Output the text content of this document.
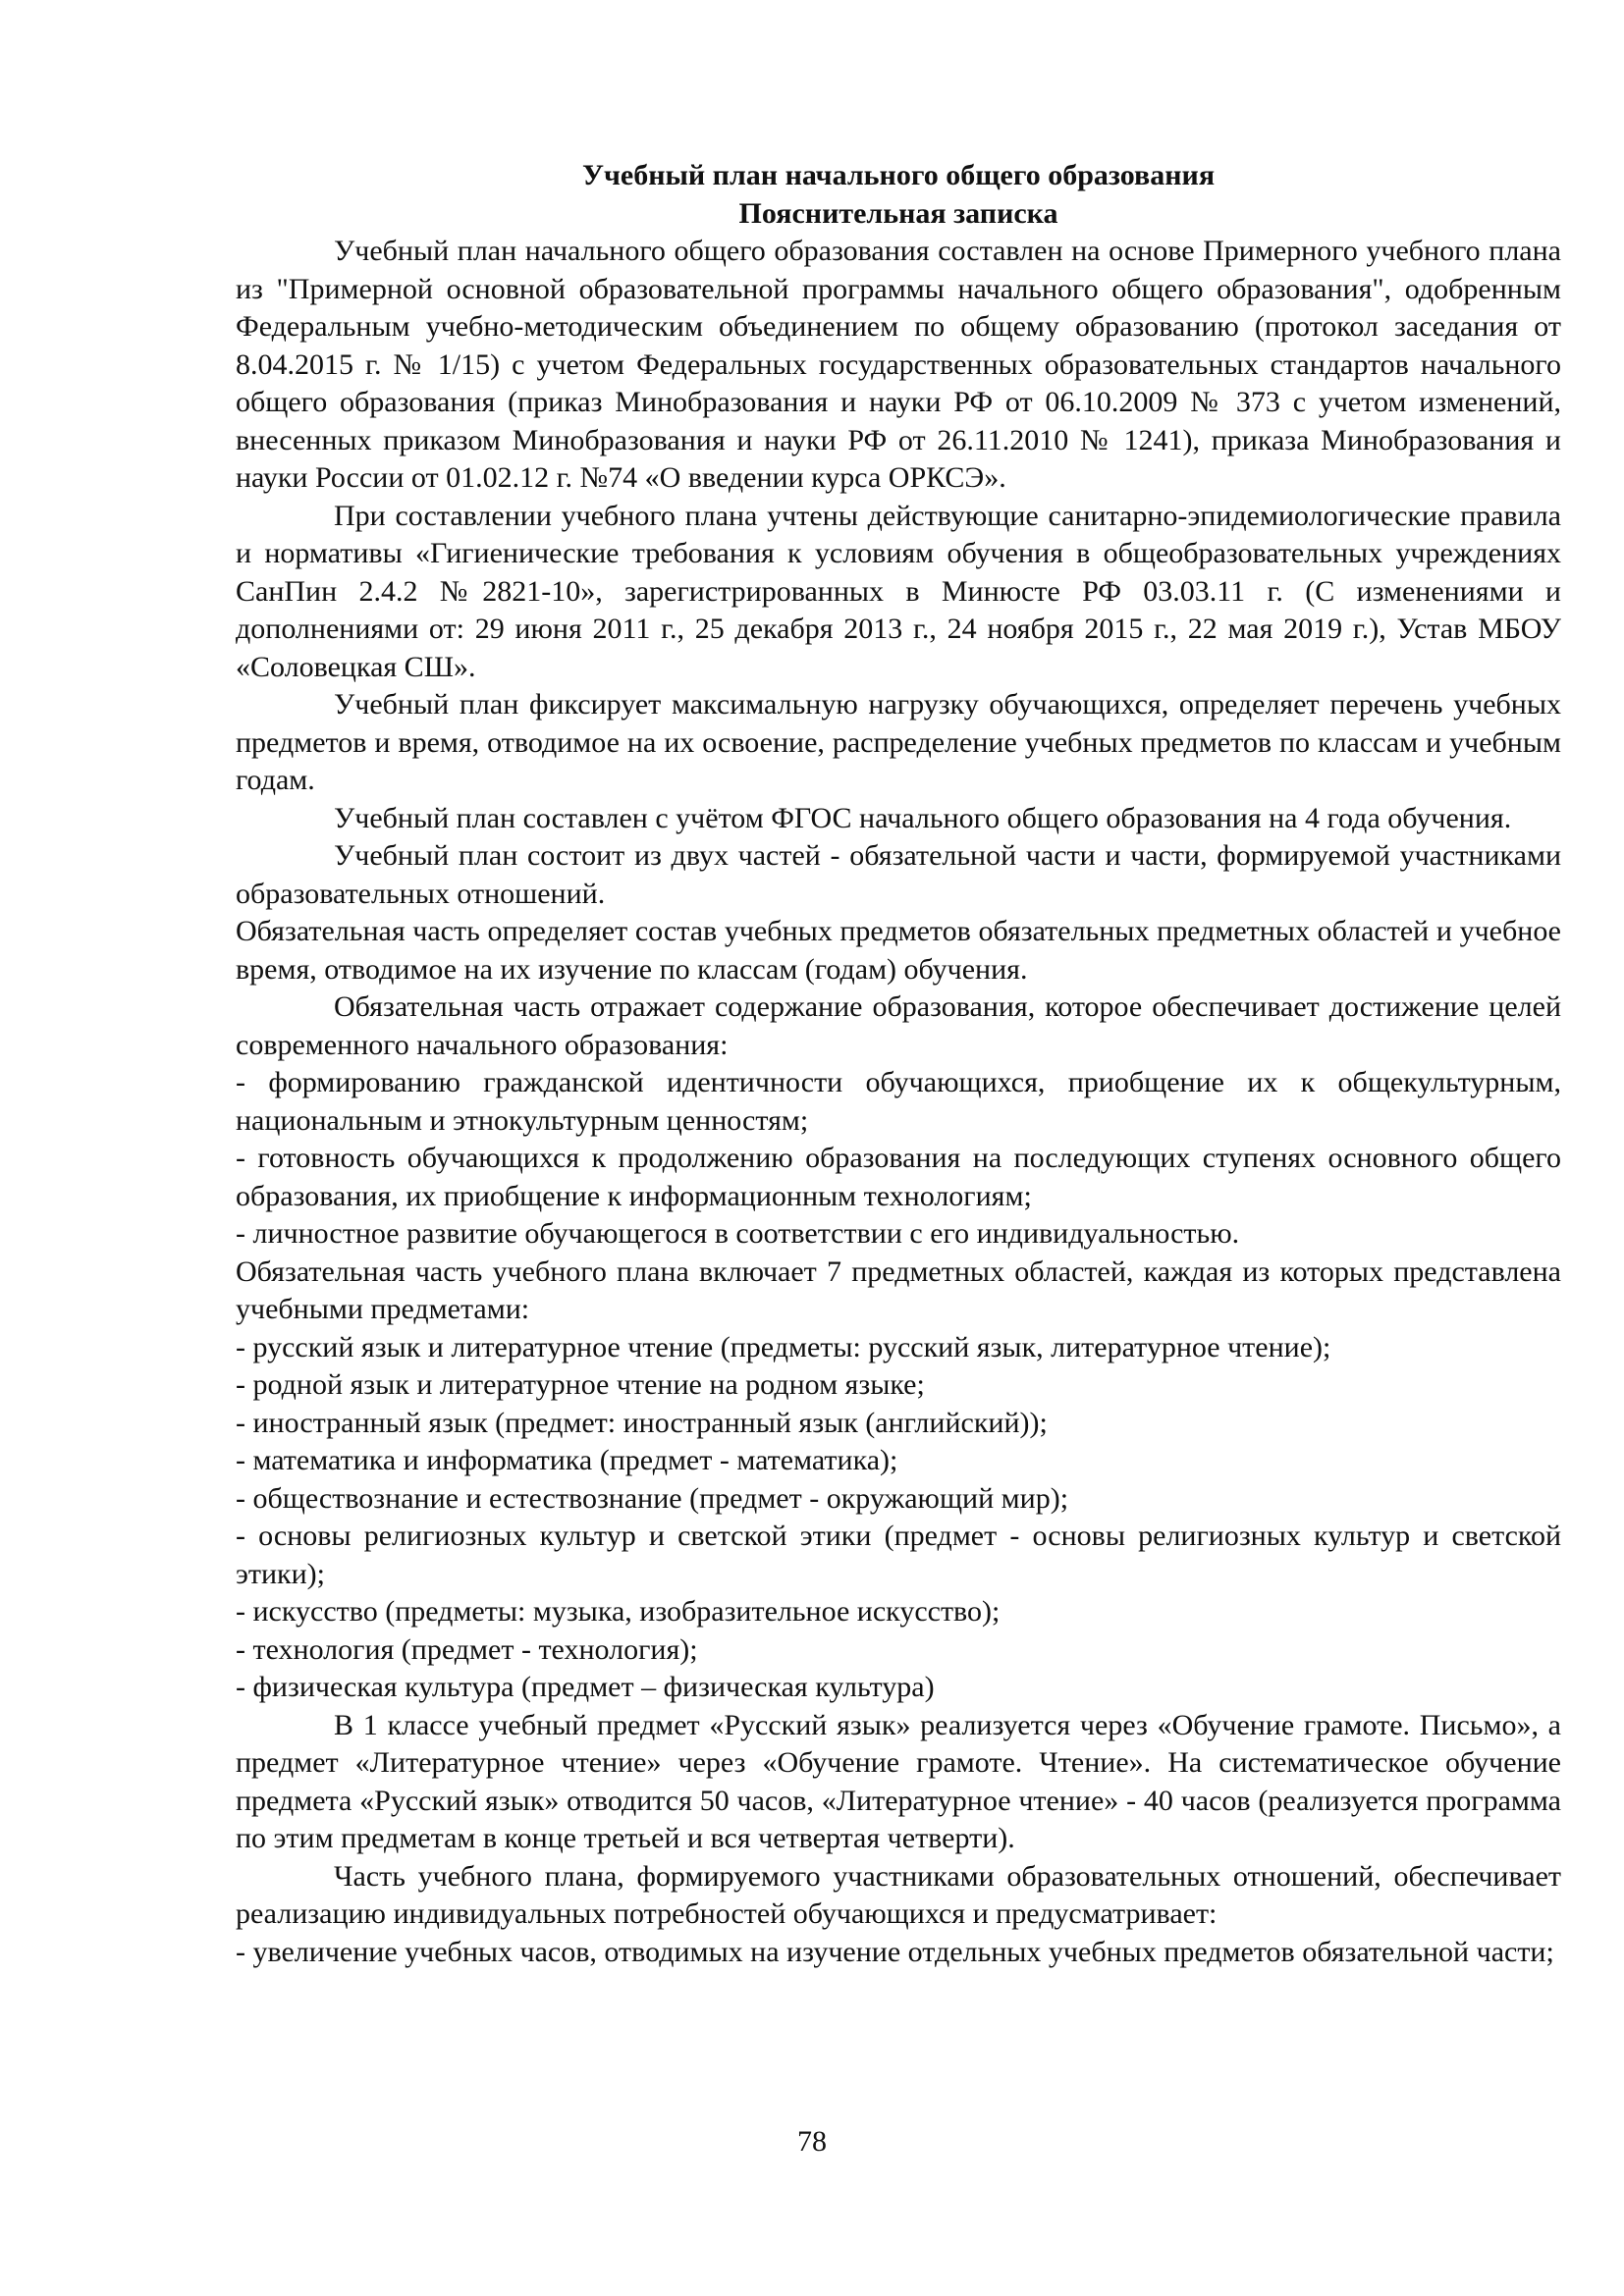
Учебный план начального общего образования

Пояснительная записка

Учебный план начального общего образования составлен на основе Примерного учебного плана из "Примерной основной образовательной программы начального общего образования", одобренным Федеральным учебно-методическим объединением по общему образованию (протокол заседания от 8.04.2015 г. № 1/15) с учетом Федеральных государственных образовательных стандартов начального общего образования (приказ Минобразования и науки РФ от 06.10.2009 № 373 с учетом изменений, внесенных приказом Минобразования и науки РФ от 26.11.2010 № 1241), приказа Минобразования и науки России от 01.02.12 г. №74 «О введении курса ОРКСЭ».

При составлении учебного плана учтены действующие санитарно-эпидемиологические правила и нормативы «Гигиенические требования к условиям обучения в общеобразовательных учреждениях СанПин 2.4.2 №2821-10», зарегистрированных в Минюсте РФ 03.03.11 г. (С изменениями и дополнениями от: 29 июня 2011 г., 25 декабря 2013 г., 24 ноября 2015 г., 22 мая 2019 г.), Устав МБОУ «Соловецкая СШ».

Учебный план фиксирует максимальную нагрузку обучающихся, определяет перечень учебных предметов и время, отводимое на их освоение, распределение учебных предметов по классам и учебным годам.

Учебный план составлен с учётом ФГОС начального общего образования на 4 года обучения.

Учебный план состоит из двух частей - обязательной части и части, формируемой участниками образовательных отношений.

Обязательная часть определяет состав учебных предметов обязательных предметных областей и учебное время, отводимое на их изучение по классам (годам) обучения.

Обязательная часть отражает содержание образования, которое обеспечивает достижение целей современного начального образования:

- формированию гражданской идентичности обучающихся, приобщение их к общекультурным, национальным и этнокультурным ценностям;

- готовность обучающихся к продолжению образования на последующих ступенях основного общего образования, их приобщение к информационным технологиям;

- личностное развитие обучающегося в соответствии с его индивидуальностью.

Обязательная часть учебного плана включает 7 предметных областей, каждая из которых представлена учебными предметами:

- русский язык и литературное чтение (предметы: русский язык, литературное чтение);

- родной язык и литературное чтение на родном языке;

- иностранный язык (предмет: иностранный язык (английский));

- математика и информатика (предмет - математика);

- обществознание и естествознание (предмет - окружающий мир);

- основы религиозных культур и светской этики (предмет - основы религиозных культур и светской этики);

- искусство (предметы: музыка, изобразительное искусство);

- технология (предмет - технология);

- физическая культура (предмет – физическая культура)

В 1 классе учебный предмет «Русский язык» реализуется через «Обучение грамоте. Письмо», а предмет «Литературное чтение» через «Обучение грамоте. Чтение». На систематическое обучение предмета «Русский язык» отводится 50 часов, «Литературное чтение» - 40 часов (реализуется программа по этим предметам в конце третьей и вся четвертая четверти).

Часть учебного плана, формируемого участниками образовательных отношений, обеспечивает реализацию индивидуальных потребностей обучающихся и предусматривает:

- увеличение учебных часов, отводимых на изучение отдельных учебных предметов обязательной части;

78
